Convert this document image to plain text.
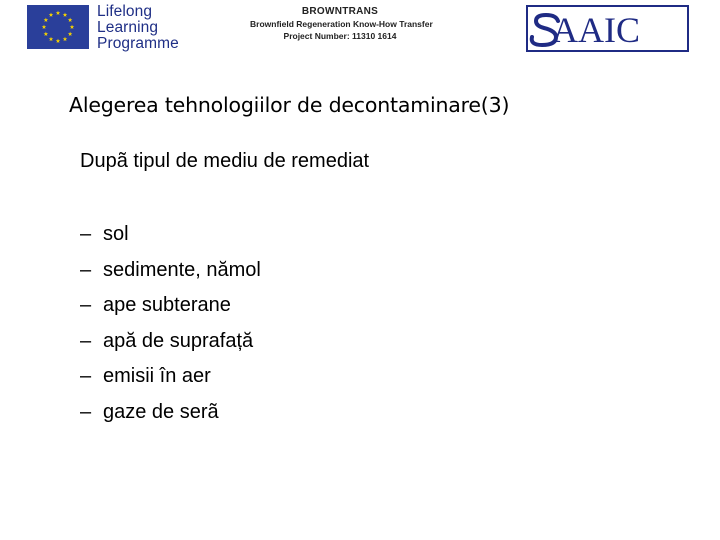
Lifelong
Learning
Programme
BROWNTRANS
Brownfield Regeneration Know-How Transfer
Project Number: 11310 1614	AAIC
Alegerea tehnologiilor de decontaminare(3)

Dupã tipul de mediu de remediat

– sol
– sedimente, nămol
– ape subterane
– apă de suprafață
– emisii în aer
– gaze de serã
